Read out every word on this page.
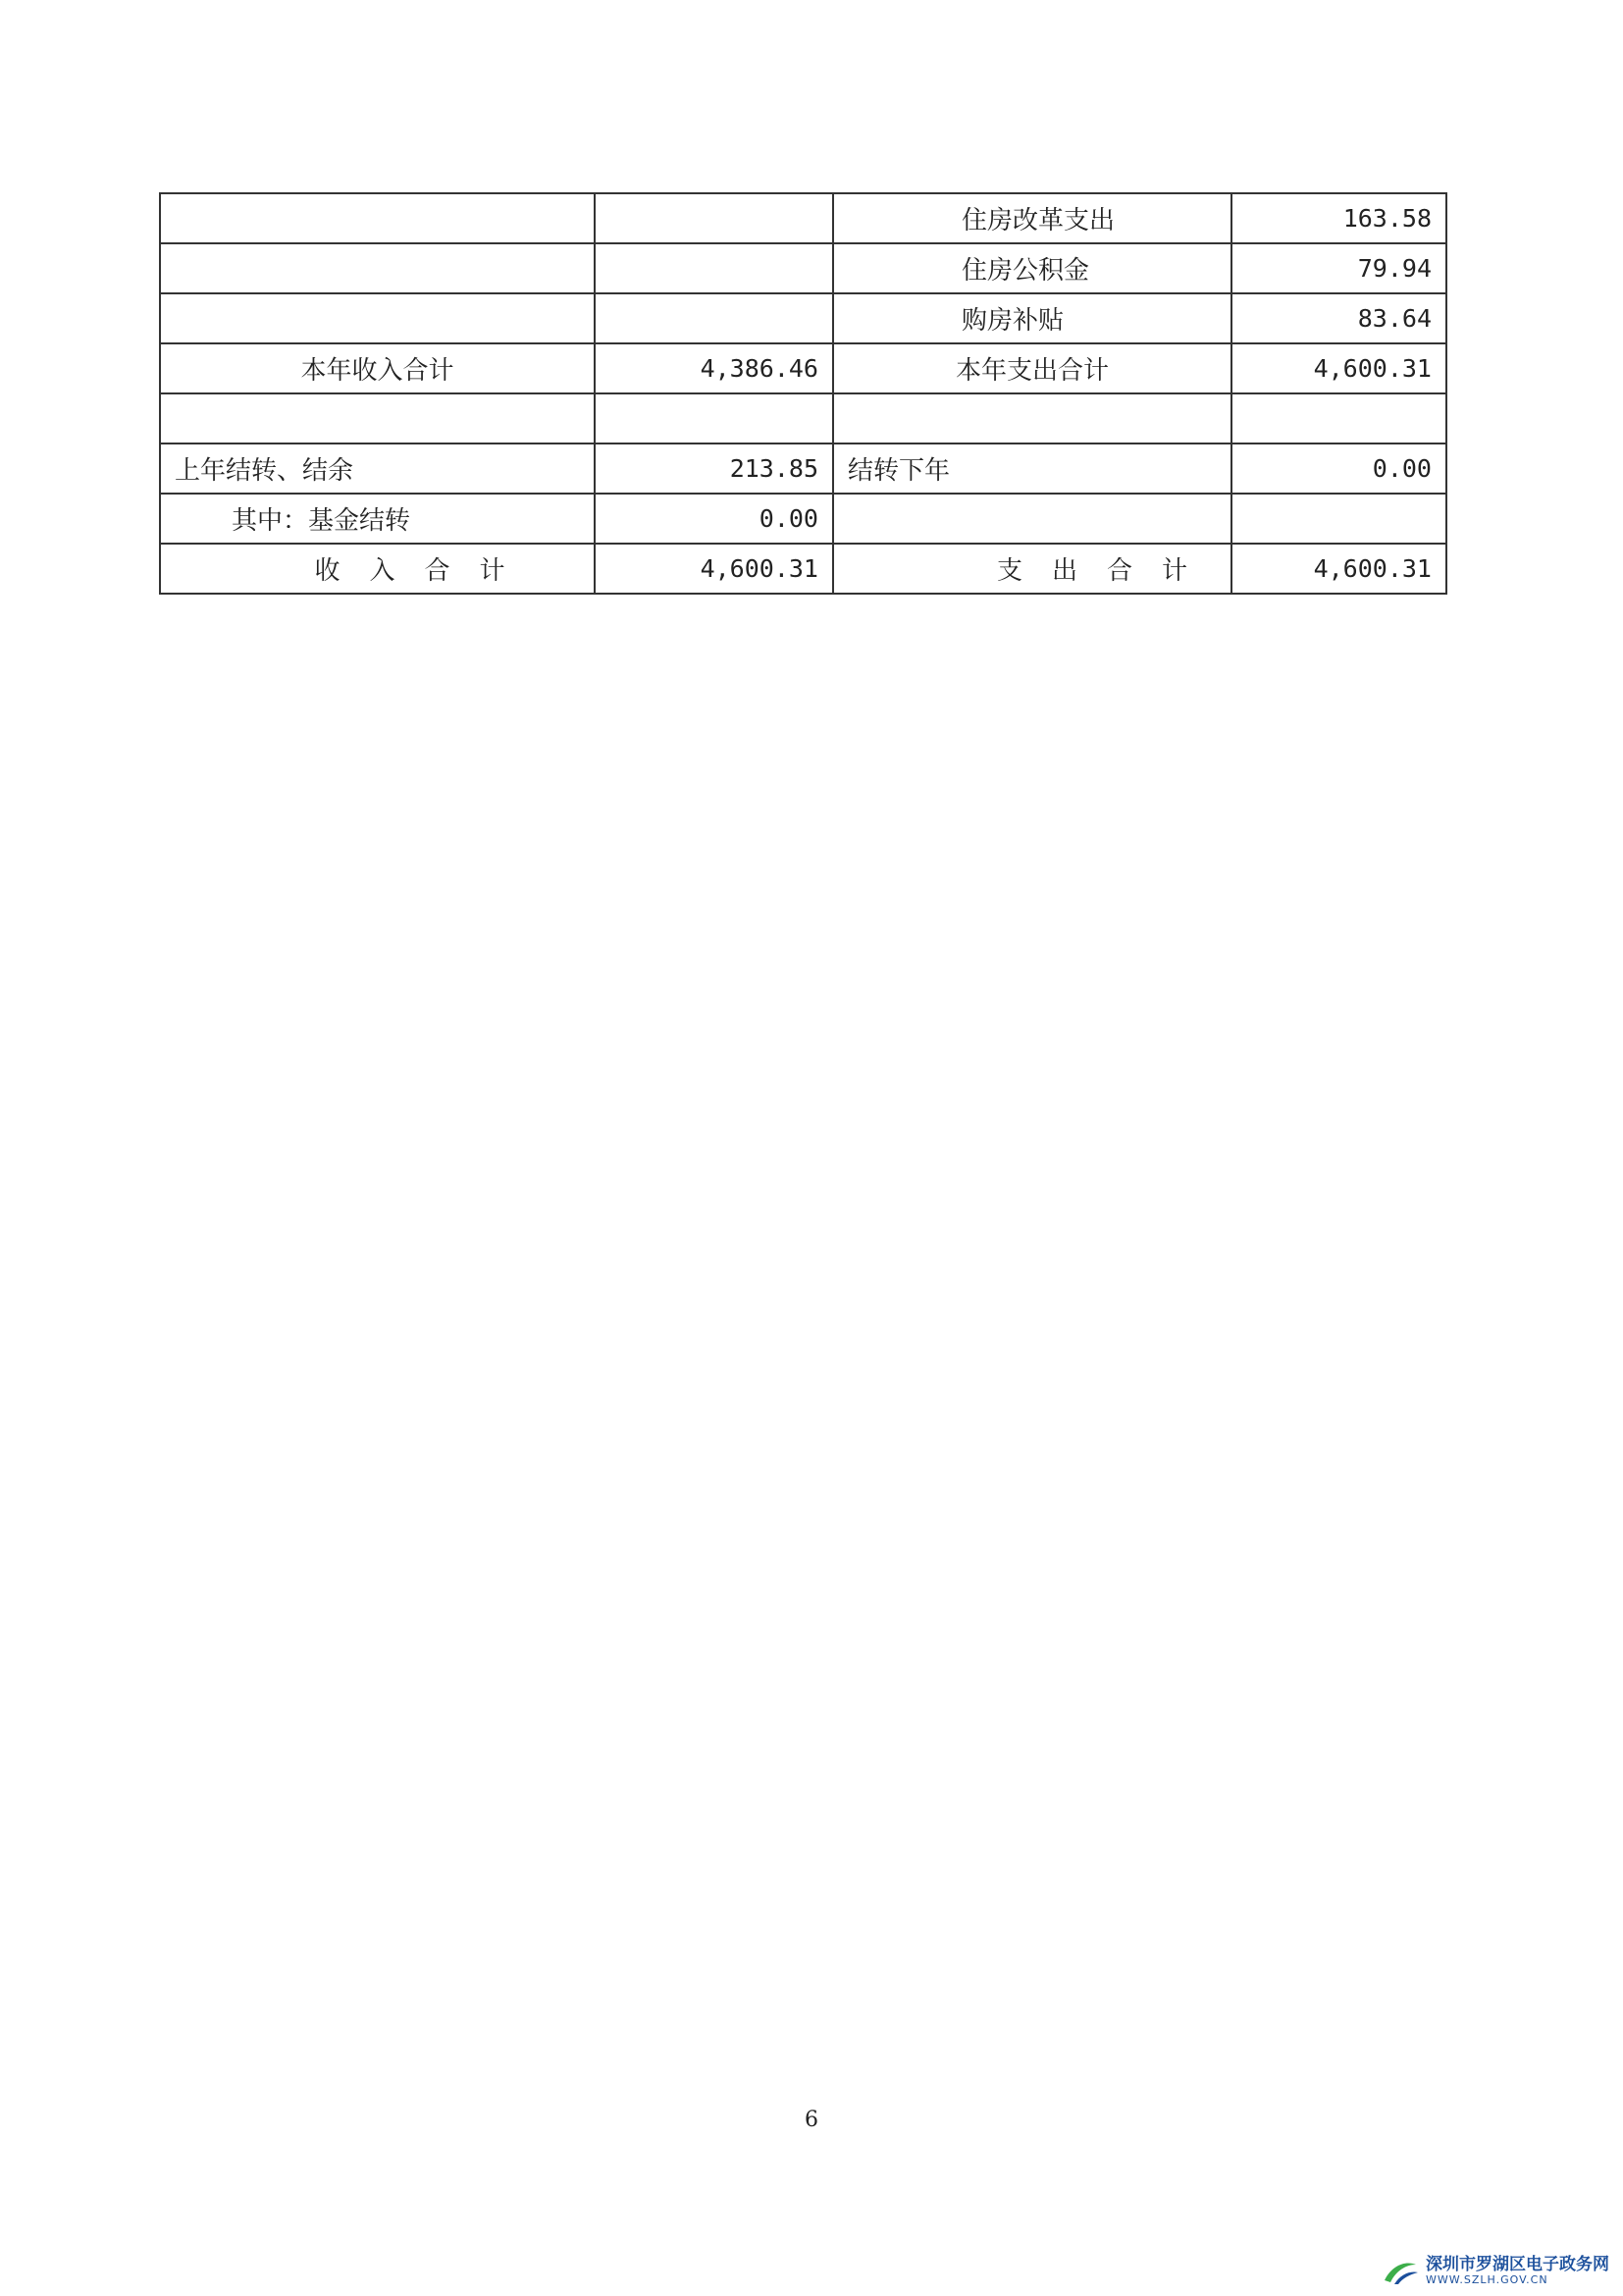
		住房改革支出	163.58
		住房公积金	79.94
		购房补贴	83.64
本年收入合计	4,386.46	本年支出合计	4,600.31

上年结转、结余	213.85	结转下年	0.00
其中：基金结转	0.00		
收入合计	4,600.31	支出合计	4,600.31
6
深圳市罗湖区电子政务网
WWW.SZLH.GOV.CN
